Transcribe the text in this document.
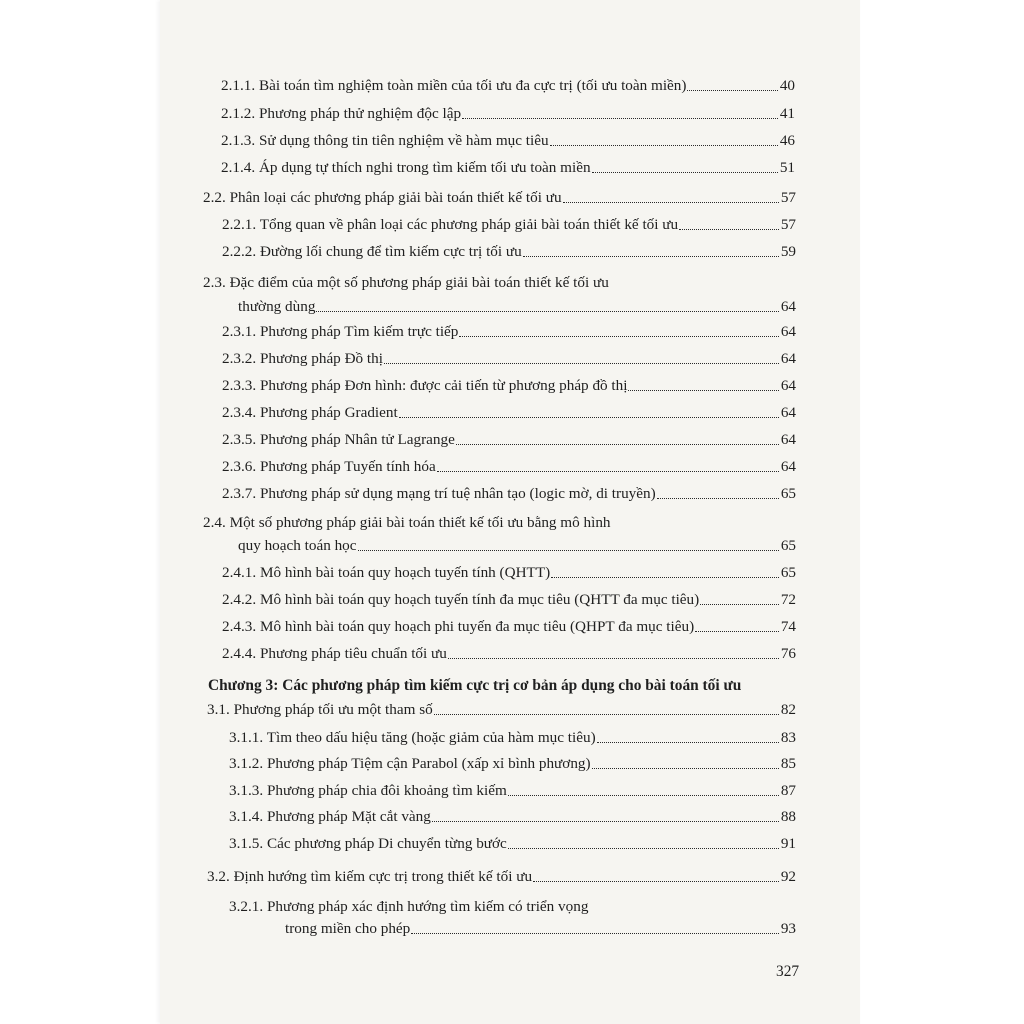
2.1.1. Bài toán tìm nghiệm toàn miền của tối ưu đa cực trị (tối ưu toàn miền)	40
2.1.2. Phương pháp thử nghiệm độc lập	41
2.1.3. Sử dụng thông tin tiên nghiệm về hàm mục tiêu	46
2.1.4. Áp dụng tự thích nghi trong tìm kiếm tối ưu toàn miền	51
2.2. Phân loại các phương pháp giải bài toán thiết kế tối ưu	57
2.2.1. Tổng quan về phân loại các phương pháp giải bài toán thiết kế tối ưu	57
2.2.2. Đường lối chung để tìm kiếm cực trị tối ưu	59
2.3. Đặc điểm của một số phương pháp giải bài toán thiết kế tối ưu
thường dùng	64
2.3.1. Phương pháp Tìm kiếm trực tiếp	64
2.3.2. Phương pháp Đồ thị	64
2.3.3. Phương pháp Đơn hình: được cải tiến từ phương pháp đồ thị	64
2.3.4. Phương pháp Gradient	64
2.3.5. Phương pháp Nhân tử Lagrange	64
2.3.6. Phương pháp Tuyến tính hóa	64
2.3.7. Phương pháp sử dụng mạng trí tuệ nhân tạo (logic mờ, di truyền)	65
2.4. Một số phương pháp giải bài toán thiết kế tối ưu bằng mô hình
quy hoạch toán học	65
2.4.1. Mô hình bài toán quy hoạch tuyến tính (QHTT)	65
2.4.2. Mô hình bài toán quy hoạch tuyến tính đa mục tiêu (QHTT đa mục tiêu)	72
2.4.3. Mô hình bài toán quy hoạch phi tuyến đa mục tiêu (QHPT đa mục tiêu)	74
2.4.4. Phương pháp tiêu chuẩn tối ưu	76
Chương 3: Các phương pháp tìm kiếm cực trị cơ bản áp dụng cho bài toán tối ưu
3.1. Phương pháp tối ưu một tham số	82
3.1.1. Tìm theo dấu hiệu tăng (hoặc giảm của hàm mục tiêu)	83
3.1.2. Phương pháp Tiệm cận Parabol (xấp xỉ bình phương)	85
3.1.3. Phương pháp chia đôi khoảng tìm kiếm	87
3.1.4. Phương pháp Mặt cắt vàng	88
3.1.5. Các phương pháp Di chuyển từng bước	91
3.2. Định hướng tìm kiếm cực trị trong thiết kế tối ưu	92
3.2.1. Phương pháp xác định hướng tìm kiếm có triển vọng
trong miền cho phép	93
327
